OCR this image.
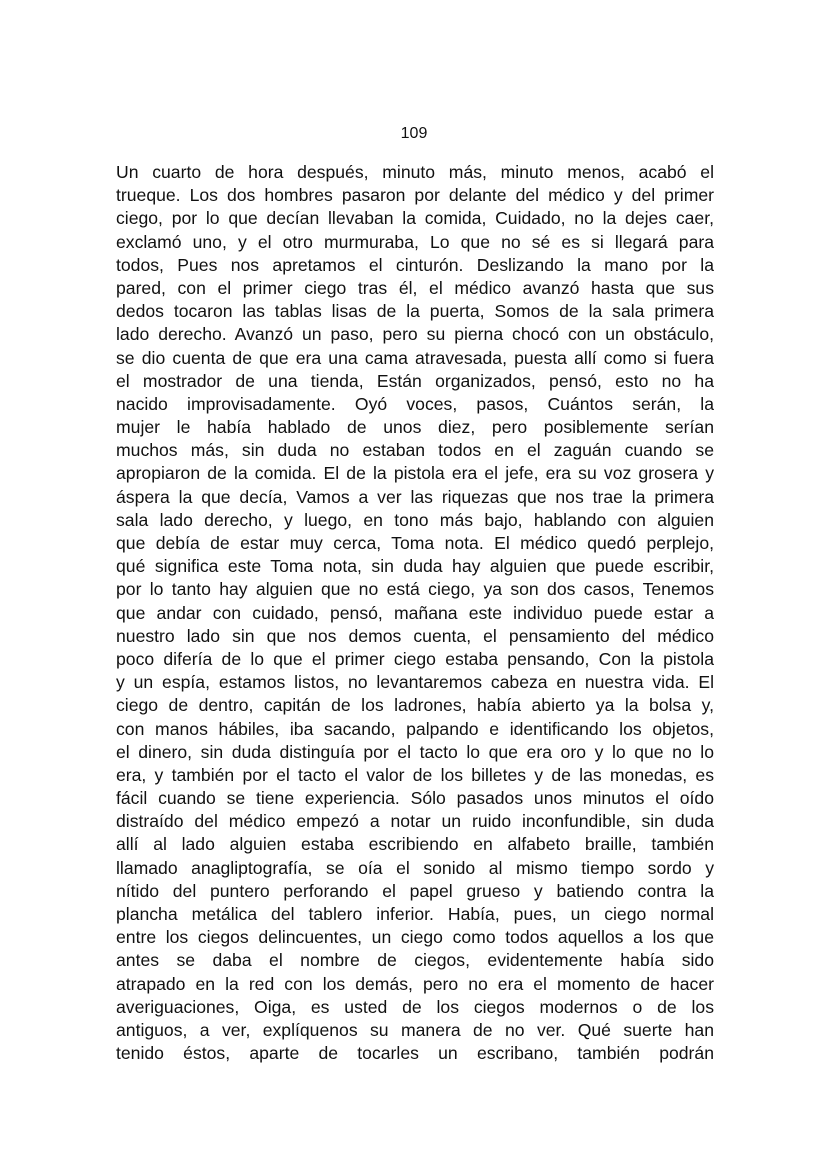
109
Un cuarto de hora después, minuto más, minuto menos, acabó el
trueque. Los dos hombres pasaron por delante del médico y del primer
ciego, por lo que decían llevaban la comida, Cuidado, no la dejes caer,
exclamó uno, y el otro murmuraba, Lo que no sé es si llegará para
todos, Pues nos apretamos el cinturón. Deslizando la mano por la
pared, con el primer ciego tras él, el médico avanzó hasta que sus
dedos tocaron las tablas lisas de la puerta, Somos de la sala primera
lado derecho. Avanzó un paso, pero su pierna chocó con un obstáculo,
se dio cuenta de que era una cama atravesada, puesta allí como si fuera
el mostrador de una tienda, Están organizados, pensó, esto no ha
nacido improvisadamente. Oyó voces, pasos, Cuántos serán, la
mujer le había hablado de unos diez, pero posiblemente serían
muchos más, sin duda no estaban todos en el zaguán cuando se
apropiaron de la comida. El de la pistola era el jefe, era su voz grosera y
áspera la que decía, Vamos a ver las riquezas que nos trae la primera
sala lado derecho, y luego, en tono más bajo, hablando con alguien
que debía de estar muy cerca, Toma nota. El médico quedó perplejo,
qué significa este Toma nota, sin duda hay alguien que puede escribir,
por lo tanto hay alguien que no está ciego, ya son dos casos, Tenemos
que andar con cuidado, pensó, mañana este individuo puede estar a
nuestro lado sin que nos demos cuenta, el pensamiento del médico
poco difería de lo que el primer ciego estaba pensando, Con la pistola
y un espía, estamos listos, no levantaremos cabeza en nuestra vida. El
ciego de dentro, capitán de los ladrones, había abierto ya la bolsa y,
con manos hábiles, iba sacando, palpando e identificando los objetos,
el dinero, sin duda distinguía por el tacto lo que era oro y lo que no lo
era, y también por el tacto el valor de los billetes y de las monedas, es
fácil cuando se tiene experiencia. Sólo pasados unos minutos el oído
distraído del médico empezó a notar un ruido inconfundible, sin duda
allí al lado alguien estaba escribiendo en alfabeto braille, también
llamado anagliptografía, se oía el sonido al mismo tiempo sordo y
nítido del puntero perforando el papel grueso y batiendo contra la
plancha metálica del tablero inferior. Había, pues, un ciego normal
entre los ciegos delincuentes, un ciego como todos aquellos a los que
antes se daba el nombre de ciegos, evidentemente había sido
atrapado en la red con los demás, pero no era el momento de hacer
averiguaciones, Oiga, es usted de los ciegos modernos o de los
antiguos, a ver, explíquenos su manera de no ver. Qué suerte han
tenido éstos, aparte de tocarles un escribano, también podrán
